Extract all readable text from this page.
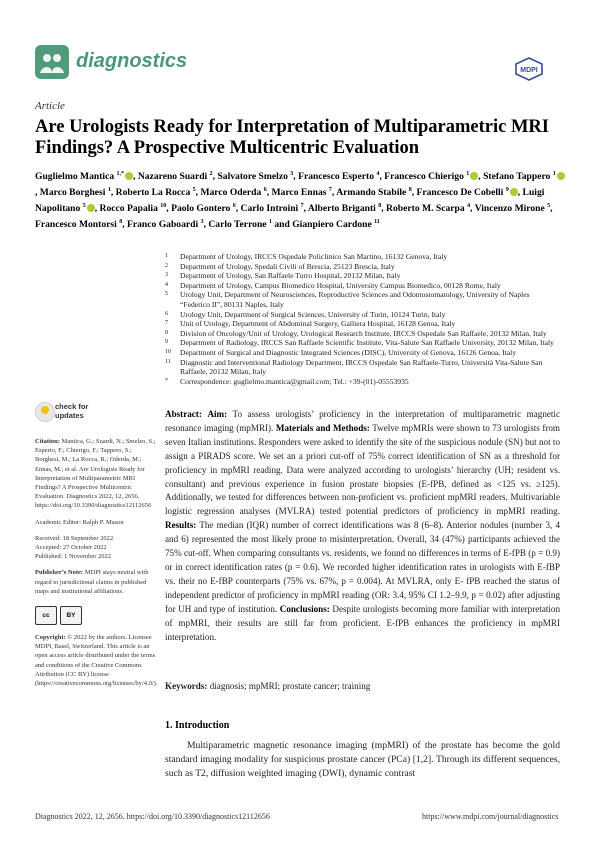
diagnostics	MDPI
Article
Are Urologists Ready for Interpretation of Multiparametric MRI Findings? A Prospective Multicentric Evaluation
Guglielmo Mantica $^{1,*}$ , Nazareno Suardi $^2$, Salvatore Smelzo $^3$, Francesco Esperto $^4$, Francesco Chierigo $^1$ , Stefano Tappero $^1$, Marco Borghesi $^1$, Roberto La Rocca $^5$, Marco Oderda $^6$, Marco Ennas $^7$, Armando Stabile $^8$, Francesco De Cobelli $^9$ , Luigi Napolitano $^5$ , Rocco Papalia $^{10}$, Paolo Gontero $^6$, Carlo Introini $^7$, Alberto Briganti $^8$, Roberto M. Scarpa $^4$, Vincenzo Mirone $^5$, Francesco Montorsi $^8$, Franco Gaboardi $^3$, Carlo Terrone $^1$ and Gianpiero Cardone $^{11}$
1	Department of Urology, IRCCS Ospedale Policlinico San Martino, 16132 Genova, Italy
2	Department of Urology, Spedali Civili of Brescia, 25123 Brescia, Italy
3	Department of Urology, San Raffaele Turro Hospital, 20132 Milan, Italy
4	Department of Urology, Campus Biomedico Hospital, University Campus Biomedico, 00128 Rome, Italy
5	Urology Unit, Department of Neurosciences, Reproductive Sciences and Odontostomatology, University of Naples “Federico II”, 80131 Naples, Italy
6	Urology Unit, Department of Surgical Sciences, University of Turin, 10124 Turin, Italy
7	Unit of Urology, Department of Abdominal Surgery, Galliera Hospital, 16128 Genoa, Italy
8	Division of Oncology/Unit of Urology, Urological Research Institute, IRCCS Ospedale San Raffaele, 20132 Milan, Italy
9	Department of Radiology, IRCCS San Raffaele Scientific Institute, Vita-Salute San Raffaele University, 20132 Milan, Italy
10	Department of Surgical and Diagnostic Integrated Sciences (DISC), University of Genova, 16126 Genoa, Italy
11	Diagnostic and Interventional Radiology Department, IRCCS Ospedale San Raffaele-Turro, Università Vita-Salute San Raffaele, 20132 Milan, Italy
*	Correspondence: guglielmo.mantica@gmail.com; Tel.: +39-(01)-05553935
check for
updates

Citation: Mantica, G.; Suardi, N.; Smelzo, S.; Esperto, F.; Chierigo, F.; Tappero, S.; Borghesi, M.; La Rocca, R.; Oderda, M.; Ennas, M.; et al. Are Urologists Ready for Interpretation of Multiparametric MRI Findings? A Prospective Multicentric Evaluation. Diagnostics 2022, 12, 2656. https://doi.org/10.3390/diagnostics12112656

Academic Editor: Ralph P. Mason

Received: 18 September 2022

Accepted: 27 October 2022

Published: 1 November 2022

Publisher’s Note: MDPI stays neutral with regard to jurisdictional claims in published maps and institutional affiliations.

cc	BY

Copyright: © 2022 by the authors. Licensee MDPI, Basel, Switzerland. This article is an open access article distributed under the terms and conditions of the Creative Commons Attribution (CC BY) license (https://creativecommons.org/licenses/by/4.0/).

Abstract: Aim: To assess urologists’ proficiency in the interpretation of multiparametric magnetic resonance imaging (mpMRI). Materials and Methods: Twelve mpMRIs were shown to 73 urologists from seven Italian institutions. Responders were asked to identify the site of the suspicious nodule (SN) but not to assign a PIRADS score. We set an a priori cut-off of 75% correct identification of SN as a threshold for proficiency in mpMRI reading. Data were analyzed according to urologists’ hierarchy (UH; resident vs. consultant) and previous experience in fusion prostate biopsies (E-fPB, defined as <125 vs. ≥125). Additionally, we tested for differences between non-proficient vs. proficient mpMRI readers. Multivariable logistic regression analyses (MVLRA) tested potential predictors of proficiency in mpMRI reading. Results: The median (IQR) number of correct identifications was 8 (6–8). Anterior nodules (number 3, 4 and 6) represented the most likely prone to misinterpretation. Overall, 34 (47%) participants achieved the 75% cut-off. When comparing consultants vs. residents, we found no differences in terms of E-fPB (p = 0.9) or in correct identification rates (p = 0.6). We recorded higher identification rates in urologists with E-fBP vs. their no E-fBP counterparts (75% vs. 67%, p = 0.004). At MVLRA, only E- fPB reached the status of independent predictor of proficiency in mpMRI reading (OR: 3.4, 95% CI 1.2–9.9, p = 0.02) after adjusting for UH and type of institution. Conclusions: Despite urologists becoming more familiar with interpretation of mpMRI, their results are still far from proficient. E-fPB enhances the proficiency in mpMRI interpretation.
Keywords: diagnosis; mpMRI; prostate cancer; training
1. Introduction
Multiparametric magnetic resonance imaging (mpMRI) of the prostate has become the gold standard imaging modality for suspicious prostate cancer (PCa) [1,2]. Through its different sequences, such as T2, diffusion weighted imaging (DWI), dynamic contrast
Diagnostics 2022, 12, 2656. https://doi.org/10.3390/diagnostics12112656	https://www.mdpi.com/journal/diagnostics
